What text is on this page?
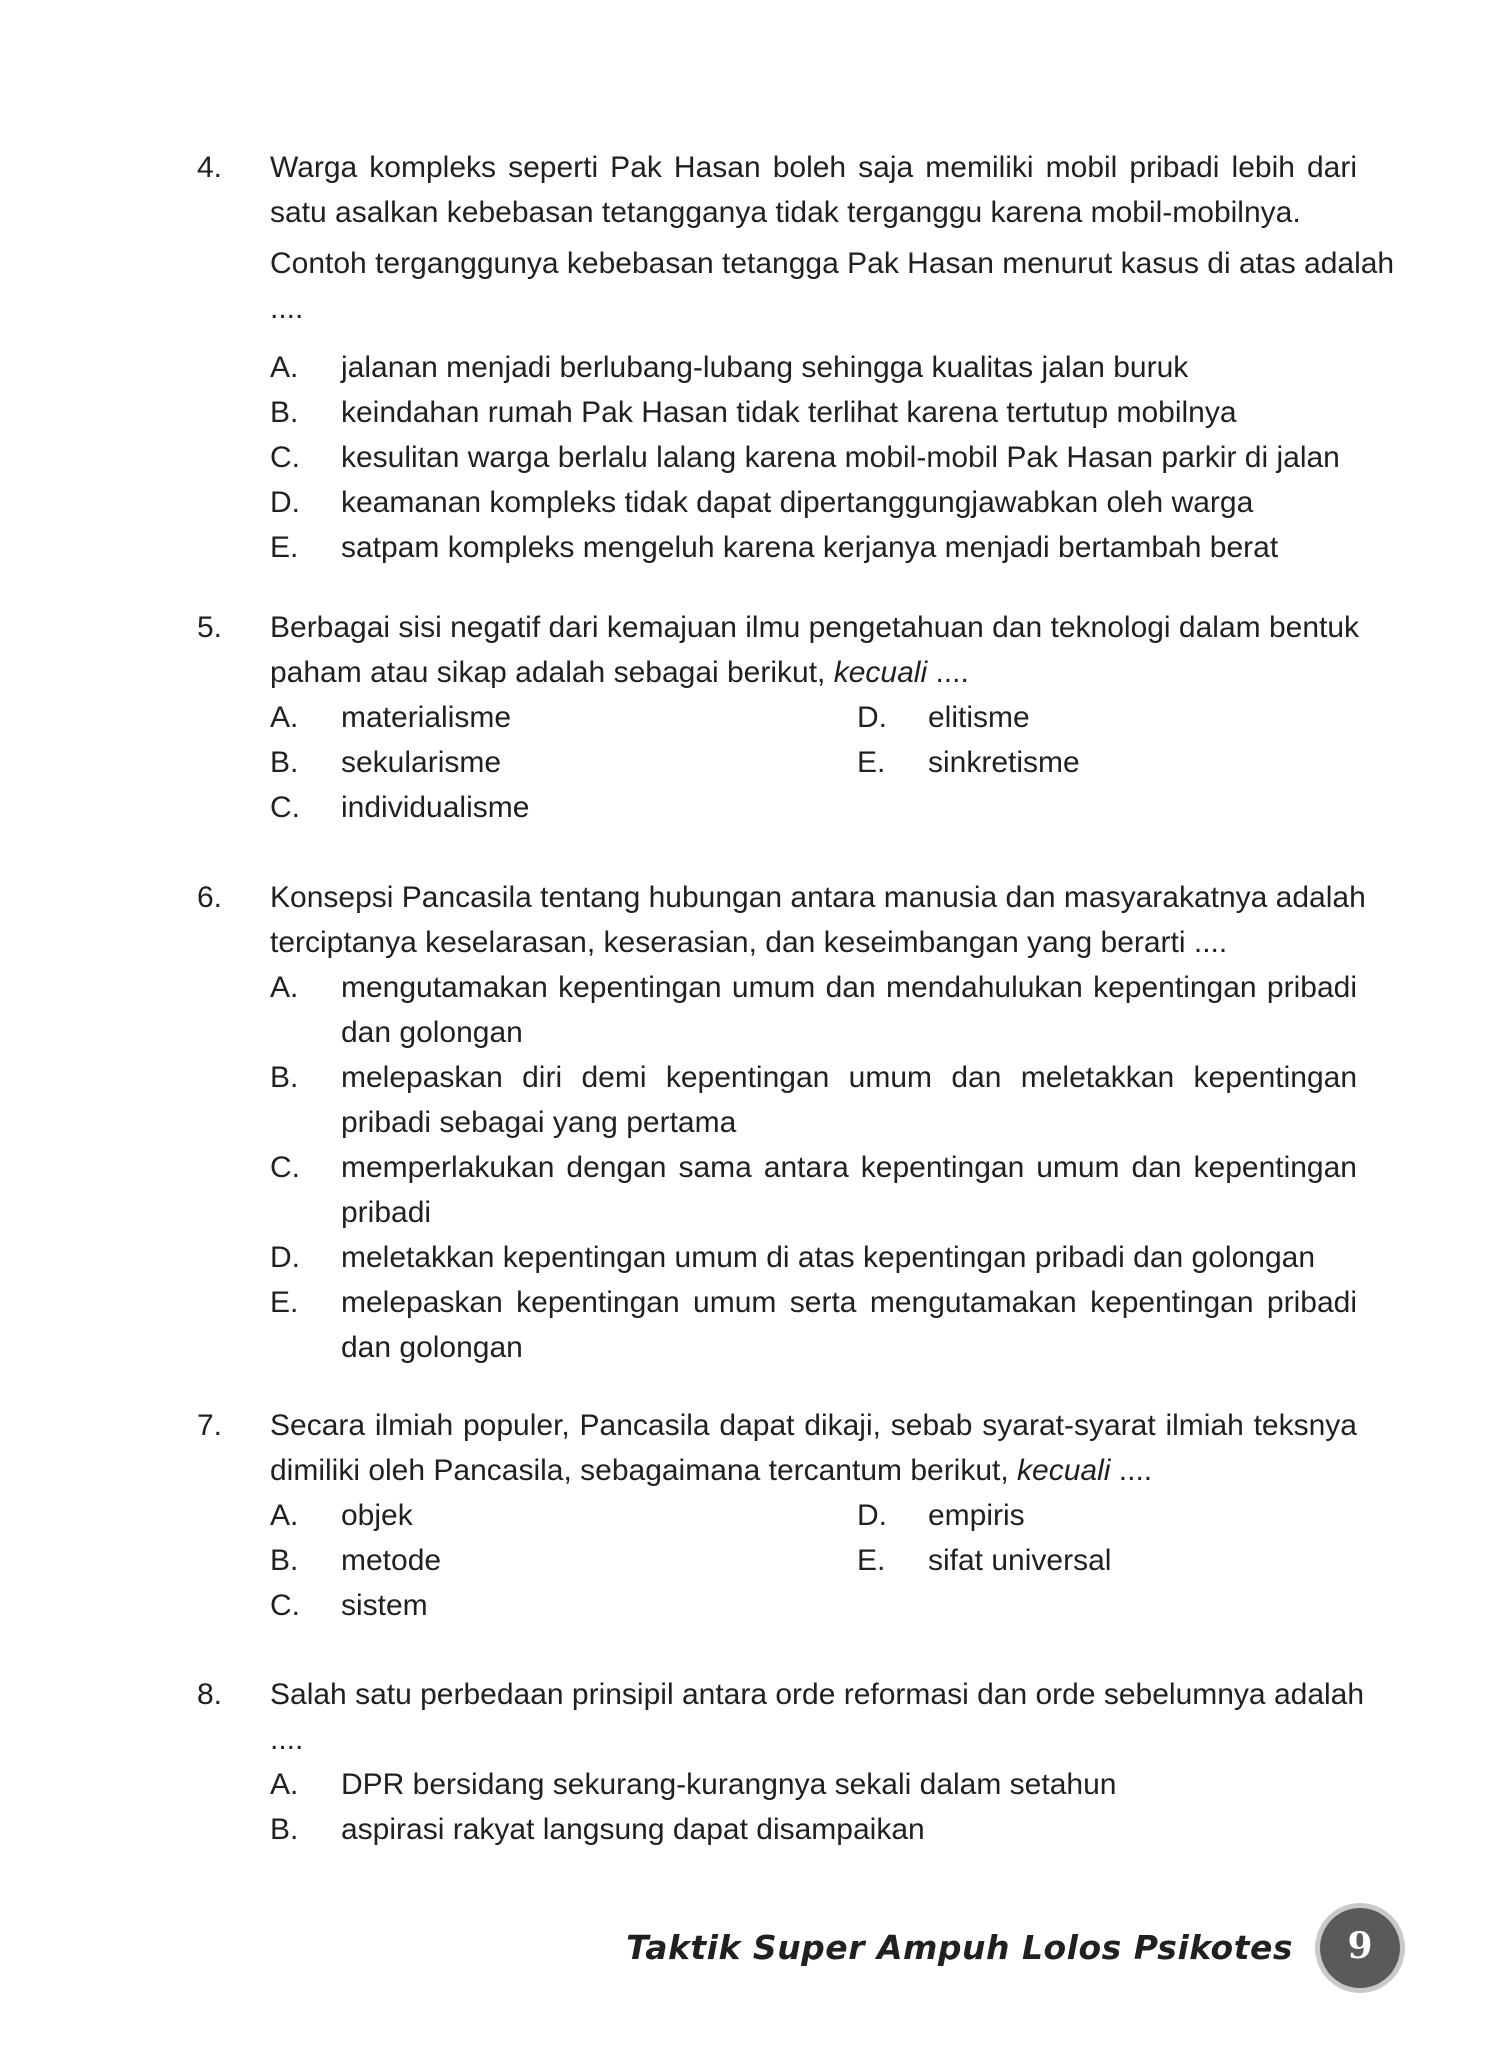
4. Warga kompleks seperti Pak Hasan boleh saja memiliki mobil pribadi lebih dari
satu asalkan kebebasan tetangganya tidak terganggu karena mobil-mobilnya.
Contoh terganggunya kebebasan tetangga Pak Hasan menurut kasus di atas adalah
....
A. jalanan menjadi berlubang-lubang sehingga kualitas jalan buruk
B. keindahan rumah Pak Hasan tidak terlihat karena tertutup mobilnya
C. kesulitan warga berlalu lalang karena mobil-mobil Pak Hasan parkir di jalan
D. keamanan kompleks tidak dapat dipertanggungjawabkan oleh warga
E. satpam kompleks mengeluh karena kerjanya menjadi bertambah berat
5. Berbagai sisi negatif dari kemajuan ilmu pengetahuan dan teknologi dalam bentuk
paham atau sikap adalah sebagai berikut, kecuali ....
A. materialisme	D. elitisme
B. sekularisme	E. sinkretisme
C. individualisme
6. Konsepsi Pancasila tentang hubungan antara manusia dan masyarakatnya adalah
terciptanya keselarasan, keserasian, dan keseimbangan yang berarti ....
A. mengutamakan kepentingan umum dan mendahulukan kepentingan pribadi
dan golongan
B. melepaskan diri demi kepentingan umum dan meletakkan kepentingan
pribadi sebagai yang pertama
C. memperlakukan dengan sama antara kepentingan umum dan kepentingan
pribadi
D. meletakkan kepentingan umum di atas kepentingan pribadi dan golongan
E. melepaskan kepentingan umum serta mengutamakan kepentingan pribadi
dan golongan
7. Secara ilmiah populer, Pancasila dapat dikaji, sebab syarat-syarat ilmiah teksnya
dimiliki oleh Pancasila, sebagaimana tercantum berikut, kecuali ....
A. objek	D. empiris
B. metode	E. sifat universal
C. sistem
8. Salah satu perbedaan prinsipil antara orde reformasi dan orde sebelumnya adalah
....
A. DPR bersidang sekurang-kurangnya sekali dalam setahun
B. aspirasi rakyat langsung dapat disampaikan
Taktik Super Ampuh Lolos Psikotes	9
